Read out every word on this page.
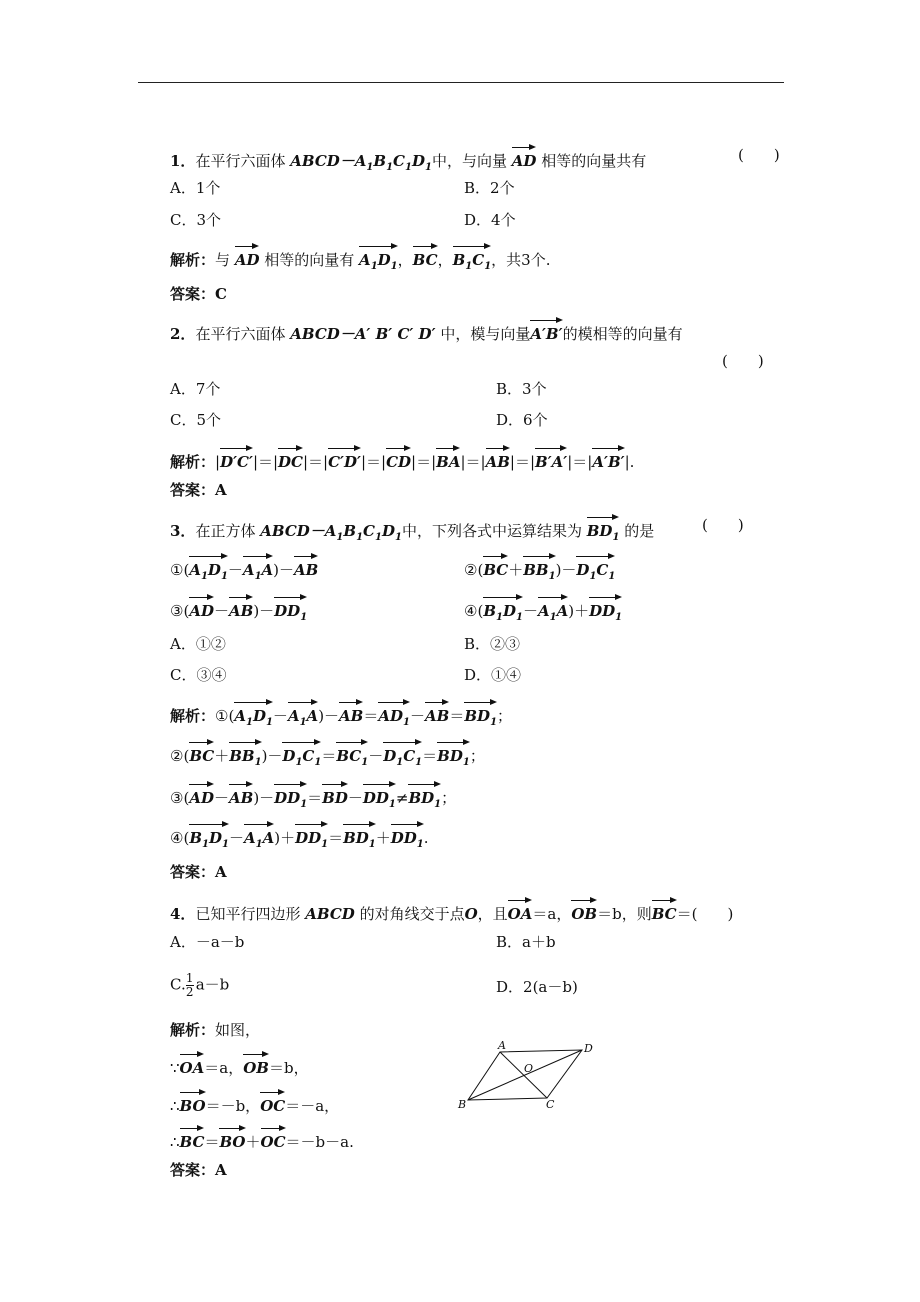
1．在平行六面体 $ABCD-A_1B_1C_1D_1$中，与向量 AD 相等的向量共有	(　　)
A．1个	B．2个
C．3个	D．4个
解析：与 AD 相等的向量有 $A_1D_1$，BC，$B_1C_1$，共3个.
答案：C
2．在平行六面体 ABCD－A′ B′ C′ D′ 中，模与向量A′B′的模相等的向量有
(　　)
A．7个	B．3个
C．5个	D．6个
解析：|D′C′|＝|DC|＝|C′D′|＝|CD|＝|BA|＝|AB|＝|B′A′|＝|A′B′|.
答案：A
3．在正方体 $ABCD-A_1B_1C_1D_1$中，下列各式中运算结果为 $BD_1$ 的是	(　　)
$①(A_1D_1-A_1A)-AB$	$②(BC+BB_1)-D_1C_1$
$③(AD-AB)-DD_1$	$④(B_1D_1-A_1A)+DD_1$
A．①②	B．②③
C．③④	D．①④
解析：$①(A_1D_1-A_1A)-AB=AD_1-AB=BD_1$；
$②(BC+BB_1)-D_1C_1=BC_1-D_1C_1=BD_1$；
$③(AD-AB)-DD_1=BD-DD_1\ne BD_1$；
$④(B_1D_1-A_1A)+DD_1=BD_1+DD_1$.
答案：A
4．已知平行四边形 ABCD 的对角线交于点O，且OA＝a，OB＝b，则BC＝(　　)
A．－a－b	B．a＋b
C. $\frac{1}{2} a-b$	D．2(a－b)
解析：如图，
∵OA＝a，OB＝b，
∴BO＝－b，OC＝－a，
∴BC＝BO＋OC＝－b－a.
答案：A
A
B	C
D
O
